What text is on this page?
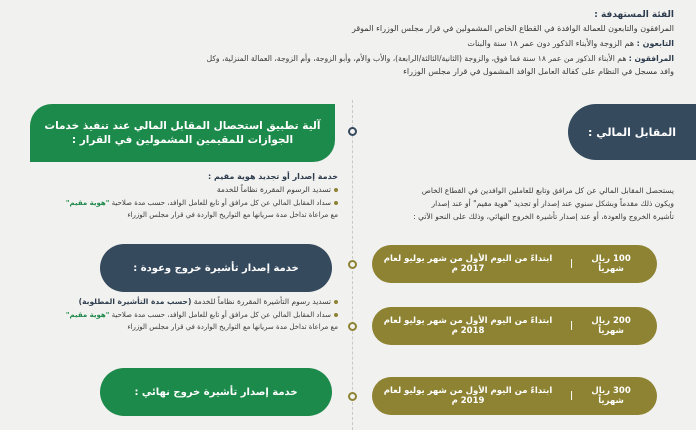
الفئة المستهدفة :
المرافقون والتابعون للعمالة الوافدة في القطاع الخاص المشمولين في قرار مجلس الوزراء الموقر
التابعون : هم الزوجة والأبناء الذكور دون عمر ١٨ سنة والبنات
المرافقون : هم الأبناء الذكور من عمر ١٨ سنة فما فوق، والزوجة (الثانية/الثالثة/الرابعة)، والأب والأم، وأبو الزوجة، وأم الزوجة، العمالة المنزلية، وكل
وافد مسجل في النظام على كفالة العامل الوافد المشمول في قرار مجلس الوزراء
المقابل المالي :
يستحصل المقابل المالي عن كل مرافق وتابع للعاملين الوافدين في القطاع الخاص
ويكون ذلك مقدماً وبشكل سنوي عند إصدار أو تجديد "هوية مقيم" أو عند إصدار
تأشيرة الخروج والعودة، أو عند إصدار تأشيرة الخروج النهائي، وذلك على النحو الآتي :
100 ريال شهرياً
|
ابتداءً من اليوم الأول من شهر يوليو لعام 2017 م
200 ريال شهرياً
|
ابتداءً من اليوم الأول من شهر يوليو لعام 2018 م
300 ريال شهرياً
|
ابتداءً من اليوم الأول من شهر يوليو لعام 2019 م
آلية تطبيق استحصال المقابل المالي عند تنفيذ خدمات
الجوازات للمقيمين المشمولين في القرار :
خدمة إصدار أو تجديد هوية مقيم :
تسديد الرسوم المقررة نظاماً للخدمة
سداد المقابل المالي عن كل مرافق أو تابع للعامل الوافد، حسب مدة صلاحية "هوية مقيم"
مع مراعاة تداخل مدة سريانها مع التواريخ الواردة في قرار مجلس الوزراء
خدمة إصدار تأشيرة خروج وعودة :
تسديد رسوم التأشيرة المقررة نظاماً للخدمة (حسب مدة التأشيرة المطلوبة)
سداد المقابل المالي عن كل مرافق أو تابع للعامل الوافد، حسب مدة صلاحية "هوية مقيم"
مع مراعاة تداخل مدة سريانها مع التواريخ الواردة في قرار مجلس الوزراء
خدمة إصدار تأشيرة خروج نهائي :
